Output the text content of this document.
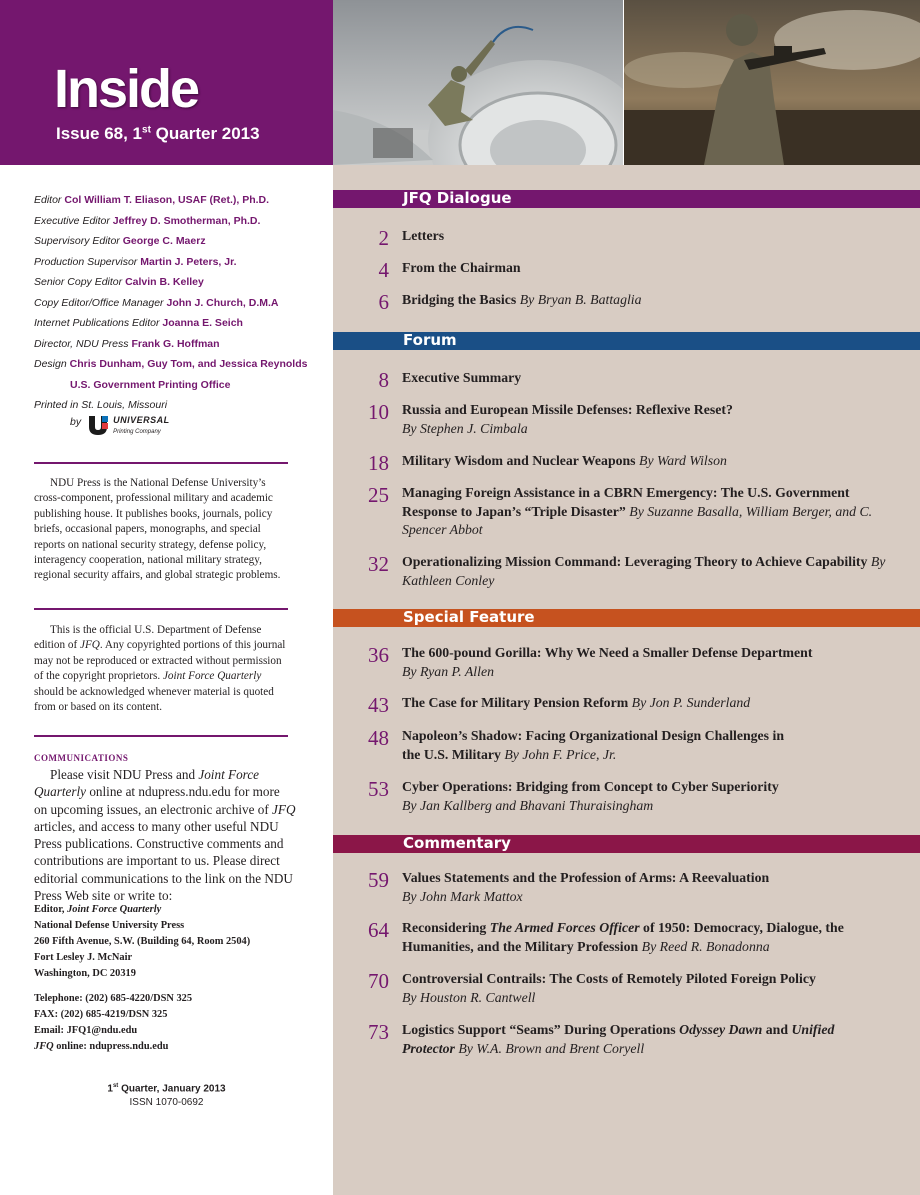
Inside
Issue 68, 1st Quarter 2013
Editor Col William T. Eliason, USAF (Ret.), Ph.D.
Executive Editor Jeffrey D. Smotherman, Ph.D.
Supervisory Editor George C. Maerz
Production Supervisor Martin J. Peters, Jr.
Senior Copy Editor Calvin B. Kelley
Copy Editor/Office Manager John J. Church, D.M.A
Internet Publications Editor Joanna E. Seich
Director, NDU Press Frank G. Hoffman
Design Chris Dunham, Guy Tom, and Jessica Reynolds
U.S. Government Printing Office
Printed in St. Louis, Missouri
by	UNIVERSAL
Printing Company
NDU Press is the National Defense University’s cross-component, professional military and academic publishing house. It publishes books, journals, policy briefs, occasional papers, monographs, and special reports on national security strategy, defense policy, interagency cooperation, national military strategy, regional security affairs, and global strategic problems.
This is the official U.S. Department of Defense edition of JFQ. Any copyrighted portions of this journal may not be reproduced or extracted without permission of the copyright proprietors. Joint Force Quarterly should be acknowledged whenever material is quoted from or based on its content.
COMMUNICATIONS
Please visit NDU Press and Joint Force Quarterly online at ndupress.ndu.edu for more on upcoming issues, an electronic archive of JFQ articles, and access to many other useful NDU Press publications. Constructive comments and contributions are important to us. Please direct editorial communications to the link on the NDU Press Web site or write to:
Editor, Joint Force Quarterly
National Defense University Press
260 Fifth Avenue, S.W. (Building 64, Room 2504)
Fort Lesley J. McNair
Washington, DC 20319
Telephone: (202) 685-4220/DSN 325
FAX: (202) 685-4219/DSN 325
Email: JFQ1@ndu.edu
JFQ online: ndupress.ndu.edu
1st Quarter, January 2013
ISSN 1070-0692
JFQ Dialogue
2 Letters
4 From the Chairman
6 Bridging the Basics By Bryan B. Battaglia
Forum
8 Executive Summary
10 Russia and European Missile Defenses: Reflexive Reset?
By Stephen J. Cimbala
18 Military Wisdom and Nuclear Weapons By Ward Wilson
25 Managing Foreign Assistance in a CBRN Emergency: The U.S. Government Response to Japan’s “Triple Disaster” By Suzanne Basalla, William Berger, and C. Spencer Abbot
32 Operationalizing Mission Command: Leveraging Theory to Achieve Capability By Kathleen Conley
Special Feature
36 The 600-pound Gorilla: Why We Need a Smaller Defense Department
By Ryan P. Allen
43 The Case for Military Pension Reform By Jon P. Sunderland
48 Napoleon’s Shadow: Facing Organizational Design Challenges in the U.S. Military By John F. Price, Jr.
53 Cyber Operations: Bridging from Concept to Cyber Superiority
By Jan Kallberg and Bhavani Thuraisingham
Commentary
59 Values Statements and the Profession of Arms: A Reevaluation
By John Mark Mattox
64 Reconsidering The Armed Forces Officer of 1950: Democracy, Dialogue, the Humanities, and the Military Profession By Reed R. Bonadonna
70 Controversial Contrails: The Costs of Remotely Piloted Foreign Policy
By Houston R. Cantwell
73 Logistics Support “Seams” During Operations Odyssey Dawn and Unified Protector By W.A. Brown and Brent Coryell
